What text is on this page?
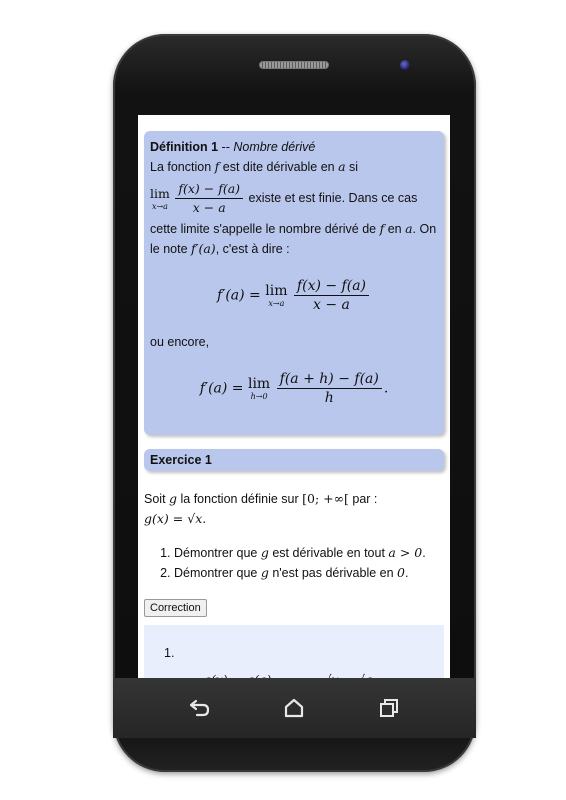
Définition 1 -- Nombre dérivé

La fonction f est dite dérivable en a si

lim
x→a
$\frac{f(x) - f(a)}{x - a}$ existe et est finie. Dans ce cas

cette limite s'appelle le nombre dérivé de f en a. On

le note f′(a), c'est à dire :

f′(a) = lim
x→a
$\frac{f(x) - f(a)}{x - a}$

ou encore,

f′(a) = lim
h→0
$\frac{f(a + h) - f(a)}{h}$ .
Exercice 1

Soit g la fonction définie sur [0; +∞[ par :

g(x) = √x.

1. Démontrer que g est dérivable en tout a > 0.
2. Démontrer que g n'est pas dérivable en 0.
Correction

1.
